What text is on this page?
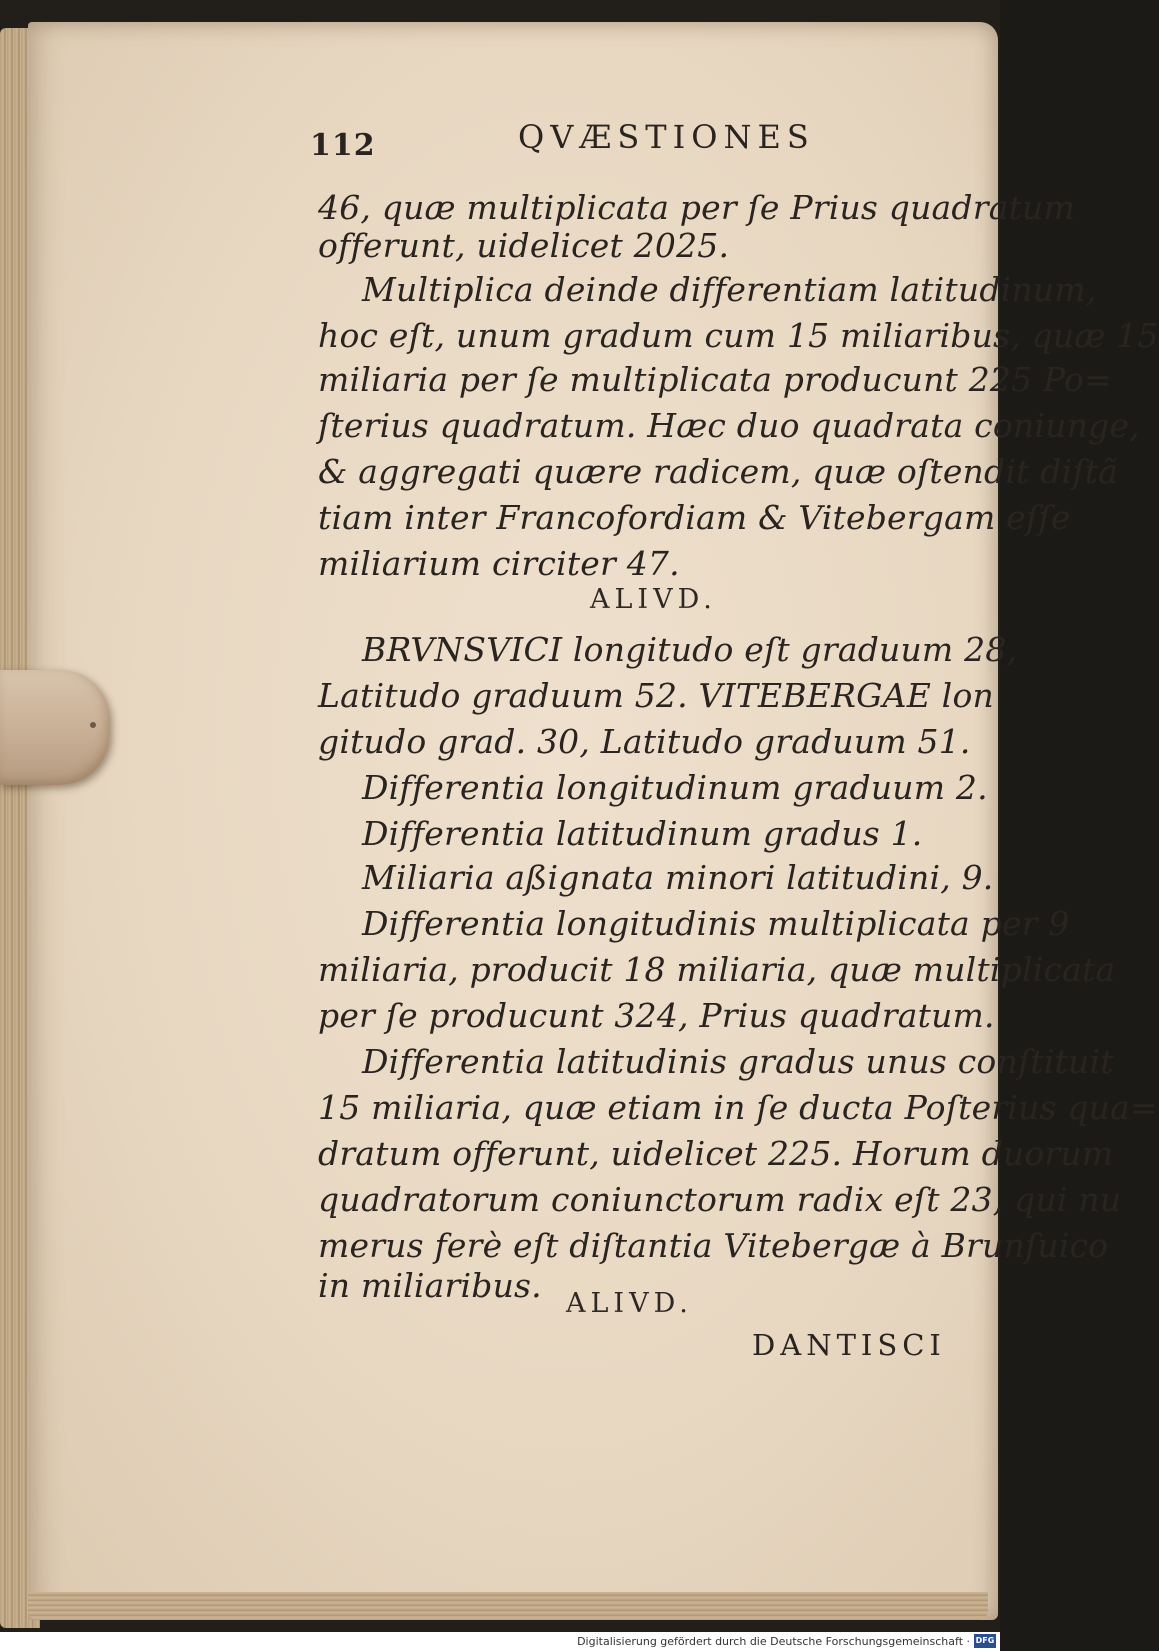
112	QVÆSTIONES
46, quæ multiplicata per ſe Prius quadratum
offerunt, uidelicet 2025.
Multiplica deinde differentiam latitudinum,
hoc eſt, unum gradum cum 15 miliaribus, quæ 15
miliaria per ſe multiplicata producunt 225 Po=
ſterius quadratum. Hæc duo quadrata coniunge,
& aggregati quære radicem, quæ oſtendit diſtã
tiam inter Francofordiam & Vitebergam eſſe
miliarium circiter 47.
ALIVD.
BRVNSVICI longitudo eſt graduum 28,
Latitudo graduum 52. VITEBERGAE lon
gitudo grad. 30, Latitudo graduum 51.
Differentia longitudinum graduum 2.
Differentia latitudinum gradus 1.
Miliaria aßignata minori latitudini, 9.
Differentia longitudinis multiplicata per 9
miliaria, producit 18 miliaria, quæ multiplicata
per ſe producunt 324, Prius quadratum.
Differentia latitudinis gradus unus conſtituit
15 miliaria, quæ etiam in ſe ducta Poſterius qua=
dratum offerunt, uidelicet 225. Horum duorum
quadratorum coniunctorum radix eſt 23, qui nu
merus ferè eſt diſtantia Vitebergæ à Brunſuico
in miliaribus. ALIVD.
DANTISCI
Digitalisierung gefördert durch die Deutsche Forschungsgemeinschaft · DFG
